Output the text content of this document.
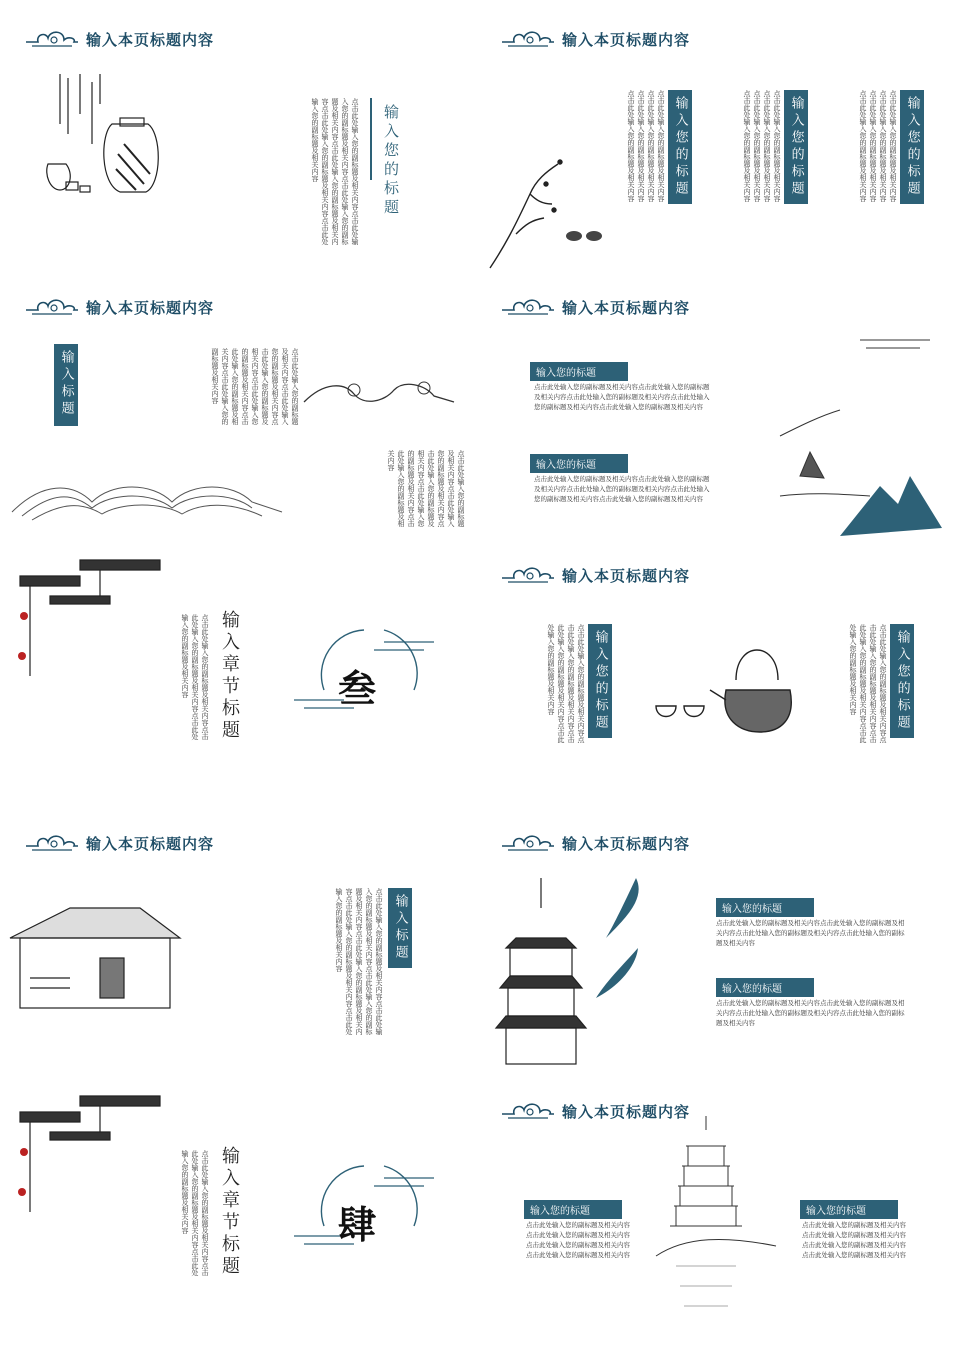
输入本页标题内容
点击此处输入您的副标题及相关内容点击此处输入您的副标题及相关内容点击此处输入您的副标题及相关内容点击此处输入您的副标题及相关内容点击此处输入您的副标题及相关内容点击此处输入您的副标题及相关内容	输入您的标题
输入本页标题内容
点击此处输入您的副标题及相关内容点击此处输入您的副标题及相关内容点击此处输入您的副标题及相关内容点击此处输入您的副标题及相关内容	输入您的标题	点击此处输入您的副标题及相关内容点击此处输入您的副标题及相关内容点击此处输入您的副标题及相关内容点击此处输入您的副标题及相关内容	输入您的标题	点击此处输入您的副标题及相关内容点击此处输入您的副标题及相关内容点击此处输入您的副标题及相关内容点击此处输入您的副标题及相关内容	输入您的标题
输入本页标题内容
输入标题	点击此处输入您的副标题及相关内容点击此处输入您的副标题及相关内容点击此处输入您的副标题及相关内容点击此处输入您的副标题及相关内容点击此处输入您的副标题及相关内容点击此处输入您的副标题及相关内容
点击此处输入您的副标题及相关内容点击此处输入您的副标题及相关内容点击此处输入您的副标题及相关内容点击此处输入您的副标题及相关内容点击此处输入您的副标题及相关内容
输入本页标题内容
输入您的标题
点击此处输入您的副标题及相关内容点击此处输入您的副标题及相关内容点击此处输入您的副标题及相关内容点击此处输入您的副标题及相关内容点击此处输入您的副标题及相关内容
输入您的标题
点击此处输入您的副标题及相关内容点击此处输入您的副标题及相关内容点击此处输入您的副标题及相关内容点击此处输入您的副标题及相关内容点击此处输入您的副标题及相关内容
点击此处输入您的副标题及相关内容点击此处输入您的副标题及相关内容点击此处输入您的副标题及相关内容	输入章节标题	叁
输入本页标题内容
点击此处输入您的副标题及相关内容点击此处输入您的副标题及相关内容点击此处输入您的副标题及相关内容点击此处输入您的副标题及相关内容	输入您的标题	点击此处输入您的副标题及相关内容点击此处输入您的副标题及相关内容点击此处输入您的副标题及相关内容点击此处输入您的副标题及相关内容	输入您的标题
输入本页标题内容
点击此处输入您的副标题及相关内容点击此处输入您的副标题及相关内容点击此处输入您的副标题及相关内容点击此处输入您的副标题及相关内容点击此处输入您的副标题及相关内容点击此处输入您的副标题及相关内容	输入标题
输入本页标题内容
输入您的标题
点击此处输入您的副标题及相关内容点击此处输入您的副标题及相关内容点击此处输入您的副标题及相关内容点击此处输入您的副标题及相关内容
输入您的标题
点击此处输入您的副标题及相关内容点击此处输入您的副标题及相关内容点击此处输入您的副标题及相关内容点击此处输入您的副标题及相关内容
点击此处输入您的副标题及相关内容点击此处输入您的副标题及相关内容点击此处输入您的副标题及相关内容	输入章节标题	肆
输入本页标题内容
输入您的标题
点击此处输入您的副标题及相关内容点击此处输入您的副标题及相关内容点击此处输入您的副标题及相关内容点击此处输入您的副标题及相关内容
输入您的标题
点击此处输入您的副标题及相关内容点击此处输入您的副标题及相关内容点击此处输入您的副标题及相关内容点击此处输入您的副标题及相关内容
